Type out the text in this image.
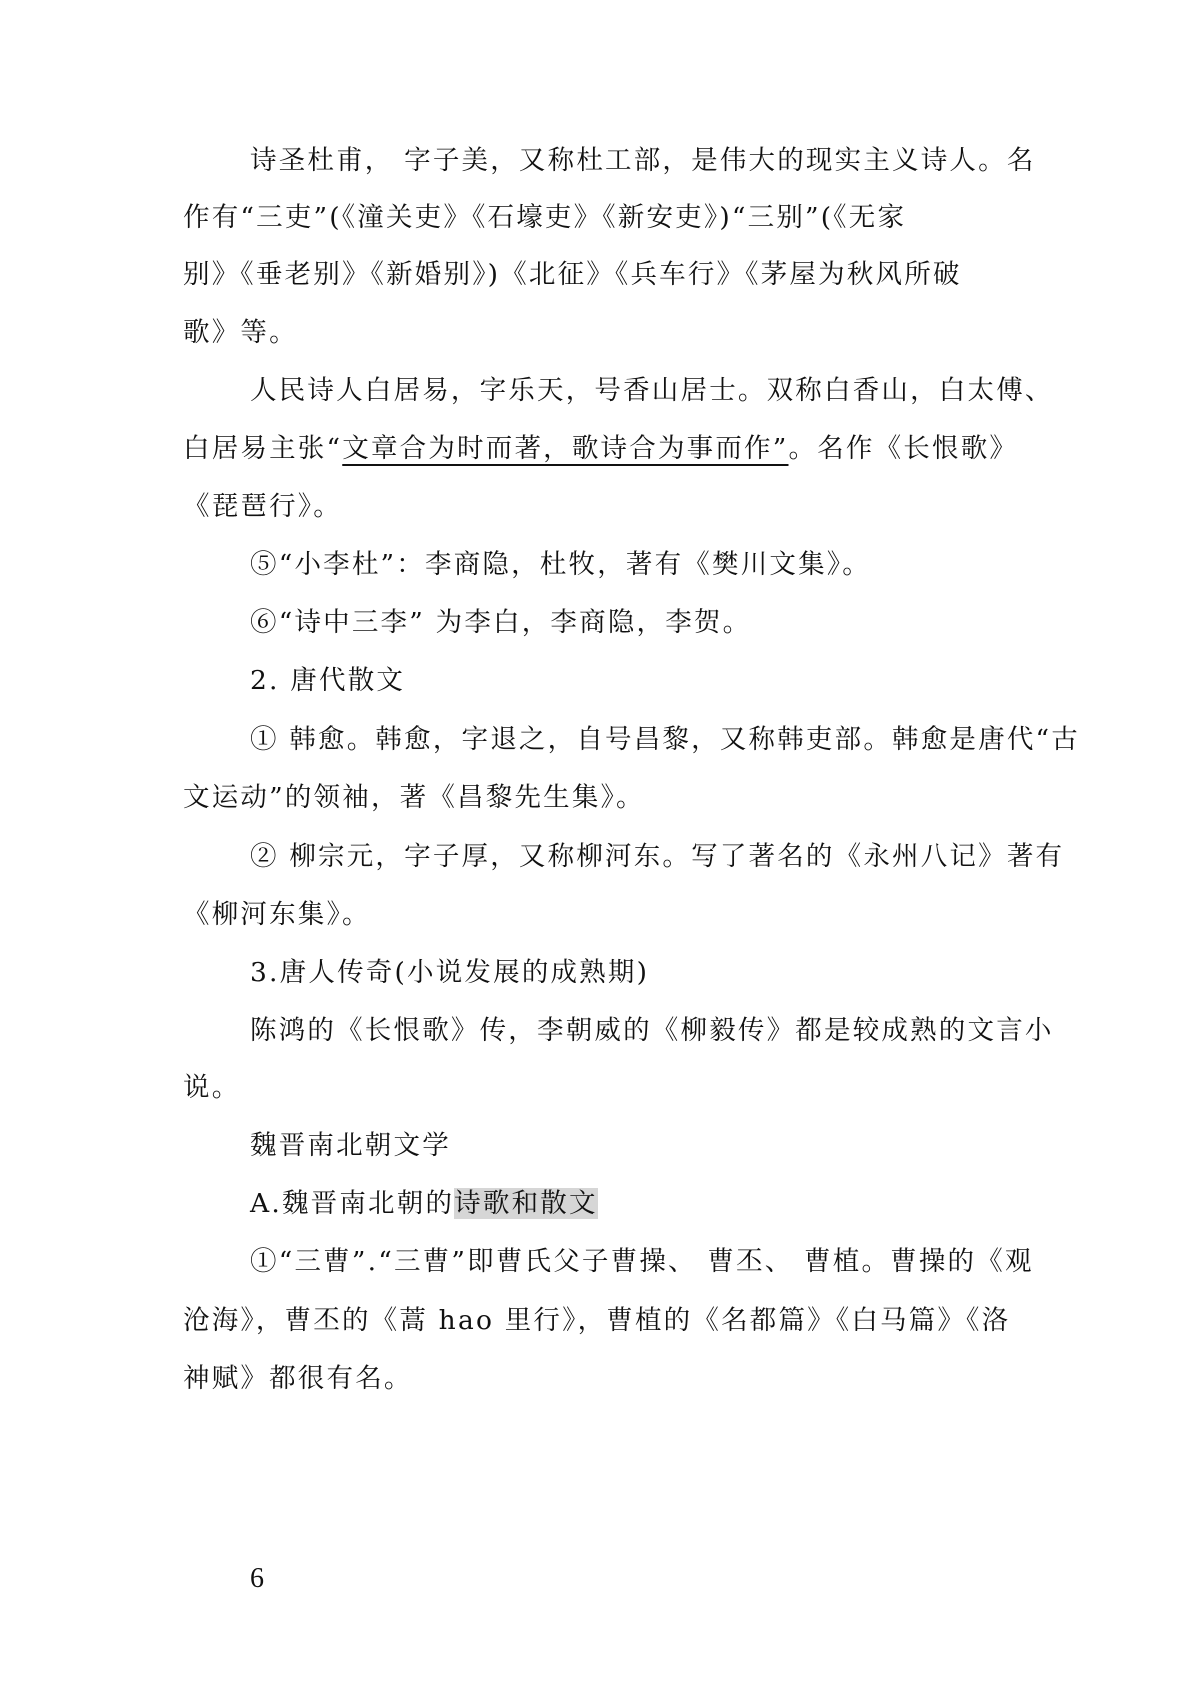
诗圣杜甫， 字子美，又称杜工部，是伟大的现实主义诗人。名
作有“三吏”(《潼关吏》《石壕吏》《新安吏》)“三别”(《无家
别》《垂老别》《新婚别》)《北征》《兵车行》《茅屋为秋风所破
歌》等。
人民诗人白居易，字乐天，号香山居士。双称白香山，白太傅、
白居易主张“文章合为时而著，歌诗合为事而作”。名作《长恨歌》
《琵琶行》。
⑤“小李杜”：李商隐，杜牧，著有《樊川文集》。
⑥“诗中三李” 为李白，李商隐，李贺。
2. 唐代散文
① 韩愈。韩愈，字退之，自号昌黎，又称韩吏部。韩愈是唐代“古
文运动”的领袖，著《昌黎先生集》。
② 柳宗元，字子厚，又称柳河东。写了著名的《永州八记》著有
《柳河东集》。
3.唐人传奇(小说发展的成熟期)
陈鸿的《长恨歌》传，李朝威的《柳毅传》都是较成熟的文言小
说。
魏晋南北朝文学
A.魏晋南北朝的诗歌和散文
①“三曹”.“三曹”即曹氏父子曹操、 曹丕、 曹植。曹操的《观
沧海》，曹丕的《蒿 hao 里行》，曹植的《名都篇》《白马篇》《洛
神赋》都很有名。
6
